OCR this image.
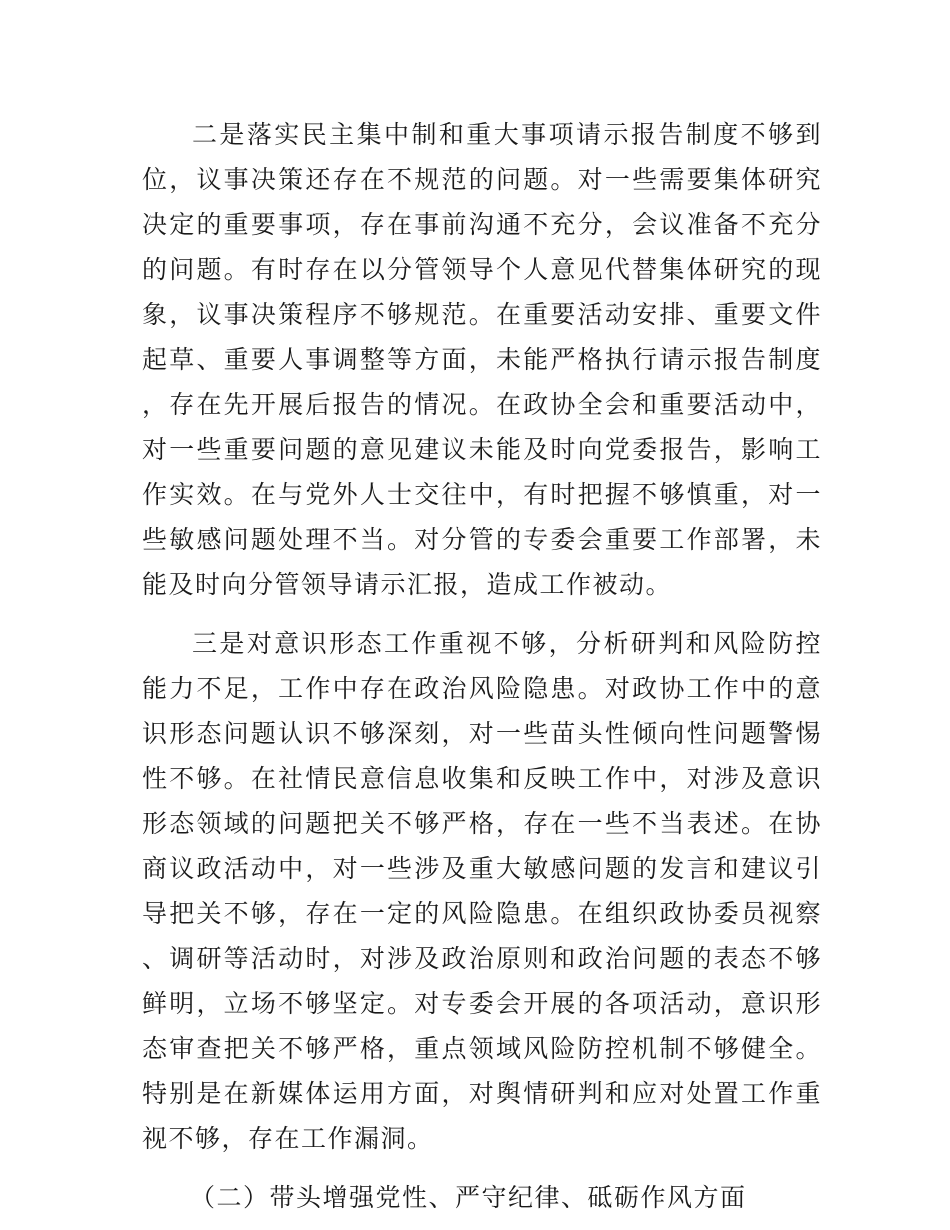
二是落实民主集中制和重大事项请示报告制度不够到位，议事决策还存在不规范的问题。对一些需要集体研究决定的重要事项，存在事前沟通不充分，会议准备不充分的问题。有时存在以分管领导个人意见代替集体研究的现象，议事决策程序不够规范。在重要活动安排、重要文件起草、重要人事调整等方面，未能严格执行请示报告制度，存在先开展后报告的情况。在政协全会和重要活动中，对一些重要问题的意见建议未能及时向党委报告，影响工作实效。在与党外人士交往中，有时把握不够慎重，对一些敏感问题处理不当。对分管的专委会重要工作部署，未能及时向分管领导请示汇报，造成工作被动。

三是对意识形态工作重视不够，分析研判和风险防控能力不足，工作中存在政治风险隐患。对政协工作中的意识形态问题认识不够深刻，对一些苗头性倾向性问题警惕性不够。在社情民意信息收集和反映工作中，对涉及意识形态领域的问题把关不够严格，存在一些不当表述。在协商议政活动中，对一些涉及重大敏感问题的发言和建议引导把关不够，存在一定的风险隐患。在组织政协委员视察、调研等活动时，对涉及政治原则和政治问题的表态不够鲜明，立场不够坚定。对专委会开展的各项活动，意识形态审查把关不够严格，重点领域风险防控机制不够健全。特别是在新媒体运用方面，对舆情研判和应对处置工作重视不够，存在工作漏洞。

（二）带头增强党性、严守纪律、砥砺作风方面
